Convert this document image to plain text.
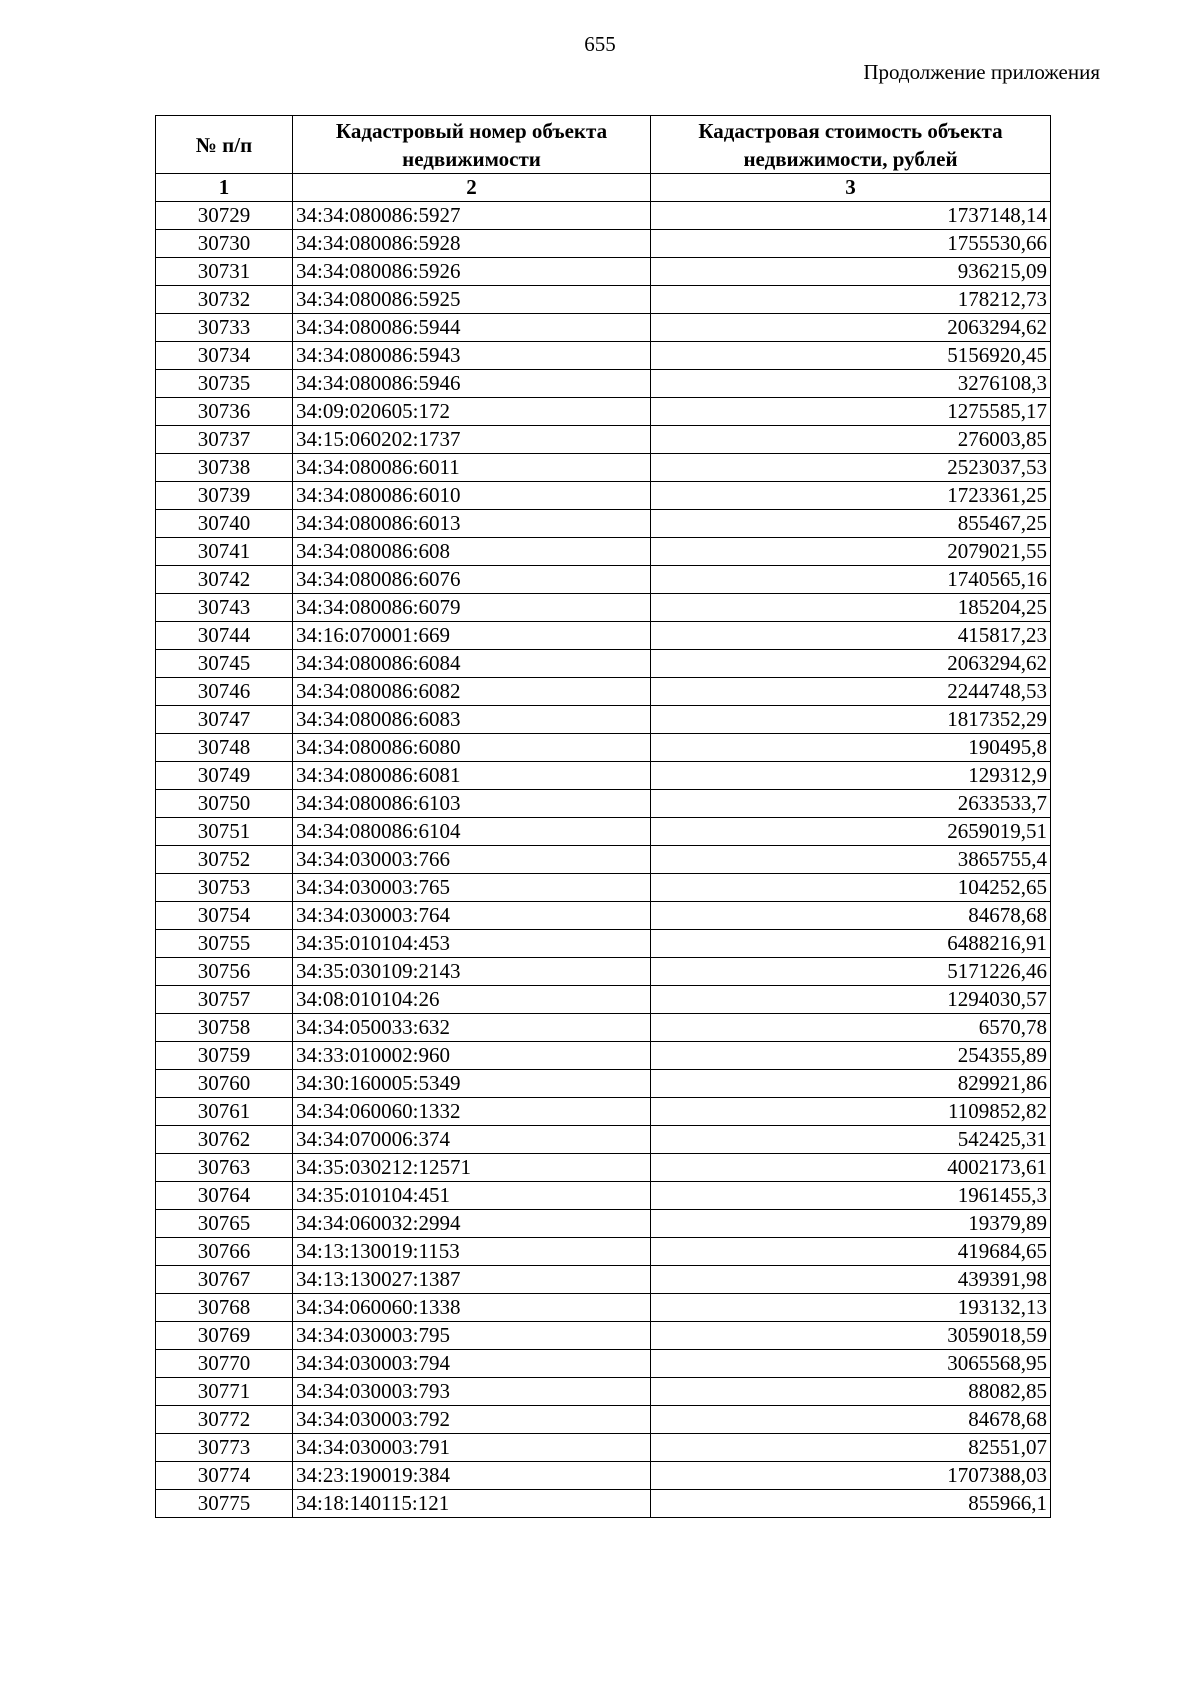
655
Продолжение приложения
№ п/п	Кадастровый номер объекта недвижимости	Кадастровая стоимость объекта недвижимости, рублей
1	2	3
30729	34:34:080086:5927	1737148,14
30730	34:34:080086:5928	1755530,66
30731	34:34:080086:5926	936215,09
30732	34:34:080086:5925	178212,73
30733	34:34:080086:5944	2063294,62
30734	34:34:080086:5943	5156920,45
30735	34:34:080086:5946	3276108,3
30736	34:09:020605:172	1275585,17
30737	34:15:060202:1737	276003,85
30738	34:34:080086:6011	2523037,53
30739	34:34:080086:6010	1723361,25
30740	34:34:080086:6013	855467,25
30741	34:34:080086:608	2079021,55
30742	34:34:080086:6076	1740565,16
30743	34:34:080086:6079	185204,25
30744	34:16:070001:669	415817,23
30745	34:34:080086:6084	2063294,62
30746	34:34:080086:6082	2244748,53
30747	34:34:080086:6083	1817352,29
30748	34:34:080086:6080	190495,8
30749	34:34:080086:6081	129312,9
30750	34:34:080086:6103	2633533,7
30751	34:34:080086:6104	2659019,51
30752	34:34:030003:766	3865755,4
30753	34:34:030003:765	104252,65
30754	34:34:030003:764	84678,68
30755	34:35:010104:453	6488216,91
30756	34:35:030109:2143	5171226,46
30757	34:08:010104:26	1294030,57
30758	34:34:050033:632	6570,78
30759	34:33:010002:960	254355,89
30760	34:30:160005:5349	829921,86
30761	34:34:060060:1332	1109852,82
30762	34:34:070006:374	542425,31
30763	34:35:030212:12571	4002173,61
30764	34:35:010104:451	1961455,3
30765	34:34:060032:2994	19379,89
30766	34:13:130019:1153	419684,65
30767	34:13:130027:1387	439391,98
30768	34:34:060060:1338	193132,13
30769	34:34:030003:795	3059018,59
30770	34:34:030003:794	3065568,95
30771	34:34:030003:793	88082,85
30772	34:34:030003:792	84678,68
30773	34:34:030003:791	82551,07
30774	34:23:190019:384	1707388,03
30775	34:18:140115:121	855966,1
